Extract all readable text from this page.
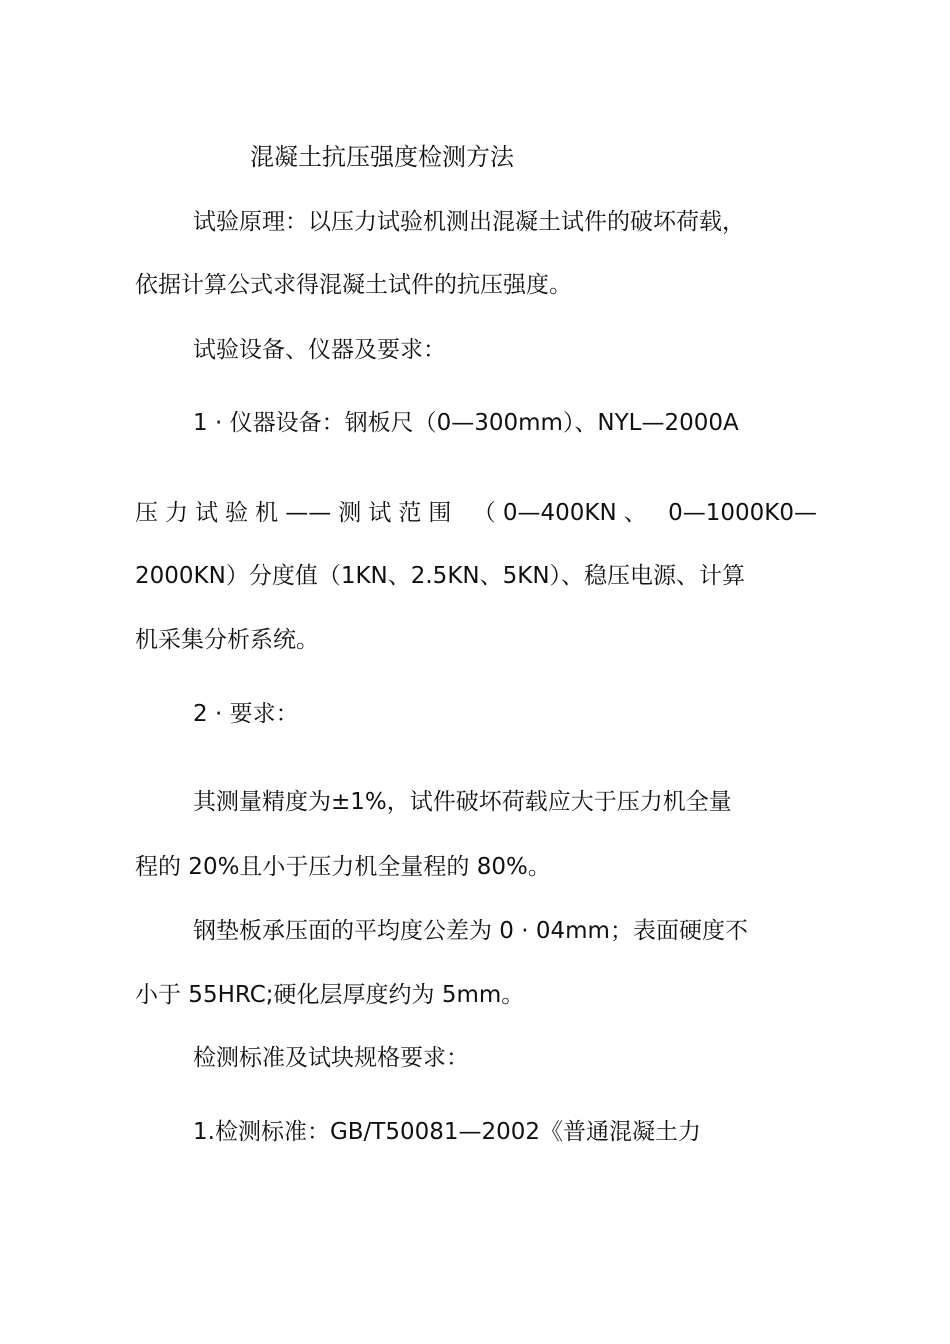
混凝土抗压强度检测方法
试验原理：以压力试验机测出混凝土试件的破坏荷载，
依据计算公式求得混凝土试件的抗压强度。
试验设备、仪器及要求：
1 · 仪器设备：钢板尺（0—300mm）、NYL—2000A
压力试验机——测试范围 （0—400KN、 0—1000K0—
2000KN）分度值（1KN、2.5KN、5KN）、稳压电源、计算
机采集分析系统。
2 · 要求：
其测量精度为±1%，试件破坏荷载应大于压力机全量
程的 20%且小于压力机全量程的 80%。
钢垫板承压面的平均度公差为 0 · 04mm；表面硬度不
小于 55HRC;硬化层厚度约为 5mm。
检测标准及试块规格要求：
1.检测标准：GB/T50081—2002《普通混凝土力
